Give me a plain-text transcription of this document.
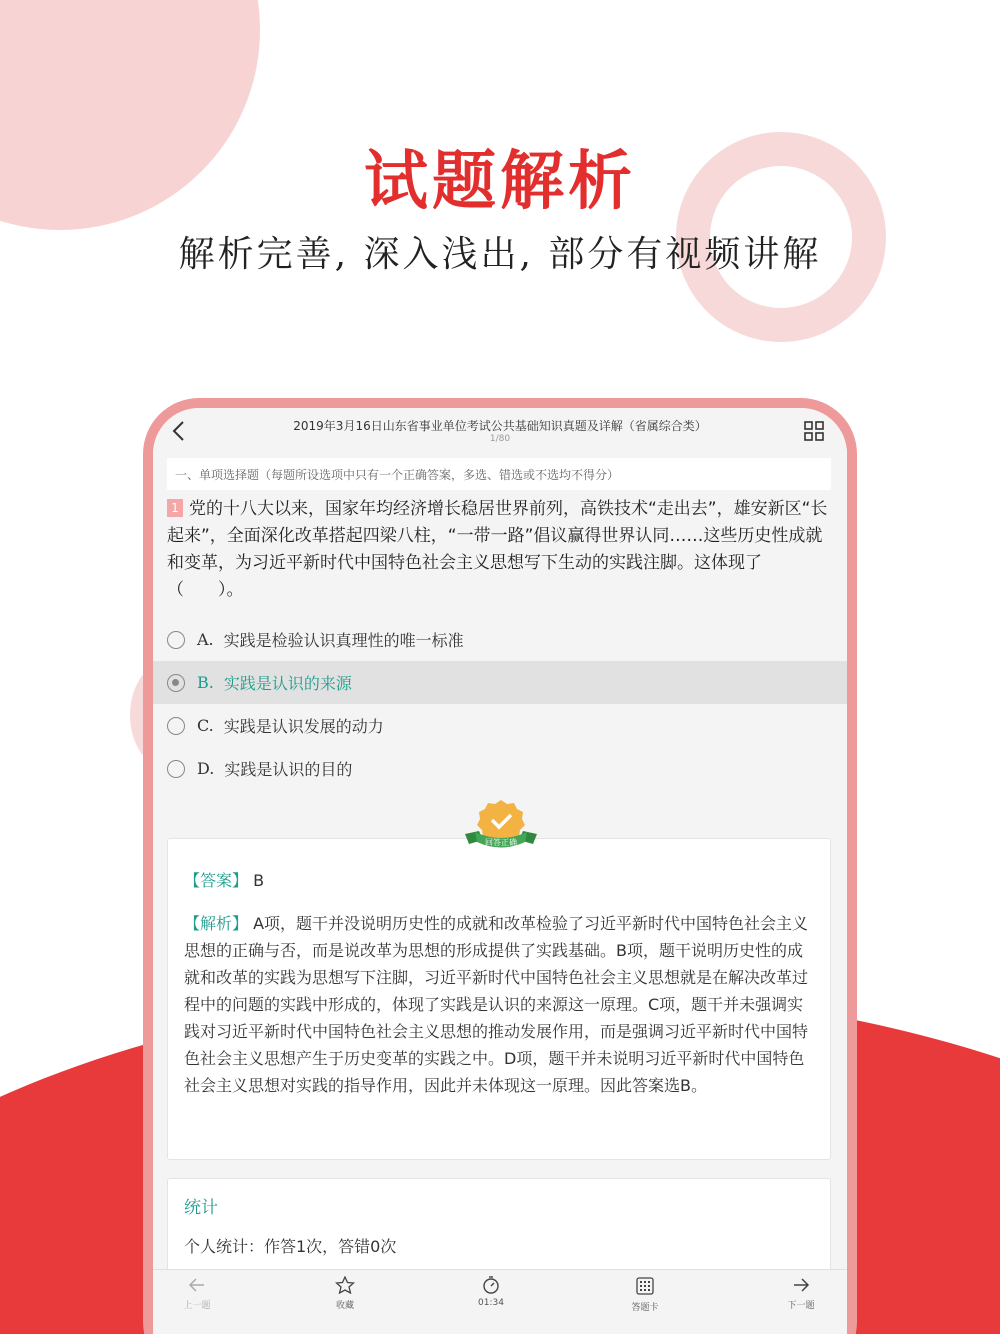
试题解析
解析完善, 深入浅出, 部分有视频讲解
2019年3月16日山东省事业单位考试公共基础知识真题及详解（省属综合类）
1/80
一、单项选择题（每题所设选项中只有一个正确答案，多选、错选或不选均不得分）
1 党的十八大以来，国家年均经济增长稳居世界前列，高铁技术“走出去”，雄安新区“长起来”，全面深化改革搭起四梁八柱，“一带一路”倡议赢得世界认同……这些历史性成就和变革，为习近平新时代中国特色社会主义思想写下生动的实践注脚。这体现了（　　）。
A. 实践是检验认识真理性的唯一标准
B. 实践是认识的来源
C. 实践是认识发展的动力
D. 实践是认识的目的
【答案】 B
【解析】 A项，题干并没说明历史性的成就和改革检验了习近平新时代中国特色社会主义思想的正确与否，而是说改革为思想的形成提供了实践基础。B项，题干说明历史性的成就和改革的实践为思想写下注脚，习近平新时代中国特色社会主义思想就是在解决改革过程中的问题的实践中形成的，体现了实践是认识的来源这一原理。C项，题干并未强调实践对习近平新时代中国特色社会主义思想的推动发展作用，而是强调习近平新时代中国特色社会主义思想产生于历史变革的实践之中。D项，题干并未说明习近平新时代中国特色社会主义思想对实践的指导作用，因此并未体现这一原理。因此答案选B。
回答正确
统计
个人统计：作答1次，答错0次
上一题	收藏	01:34	答题卡	下一题
